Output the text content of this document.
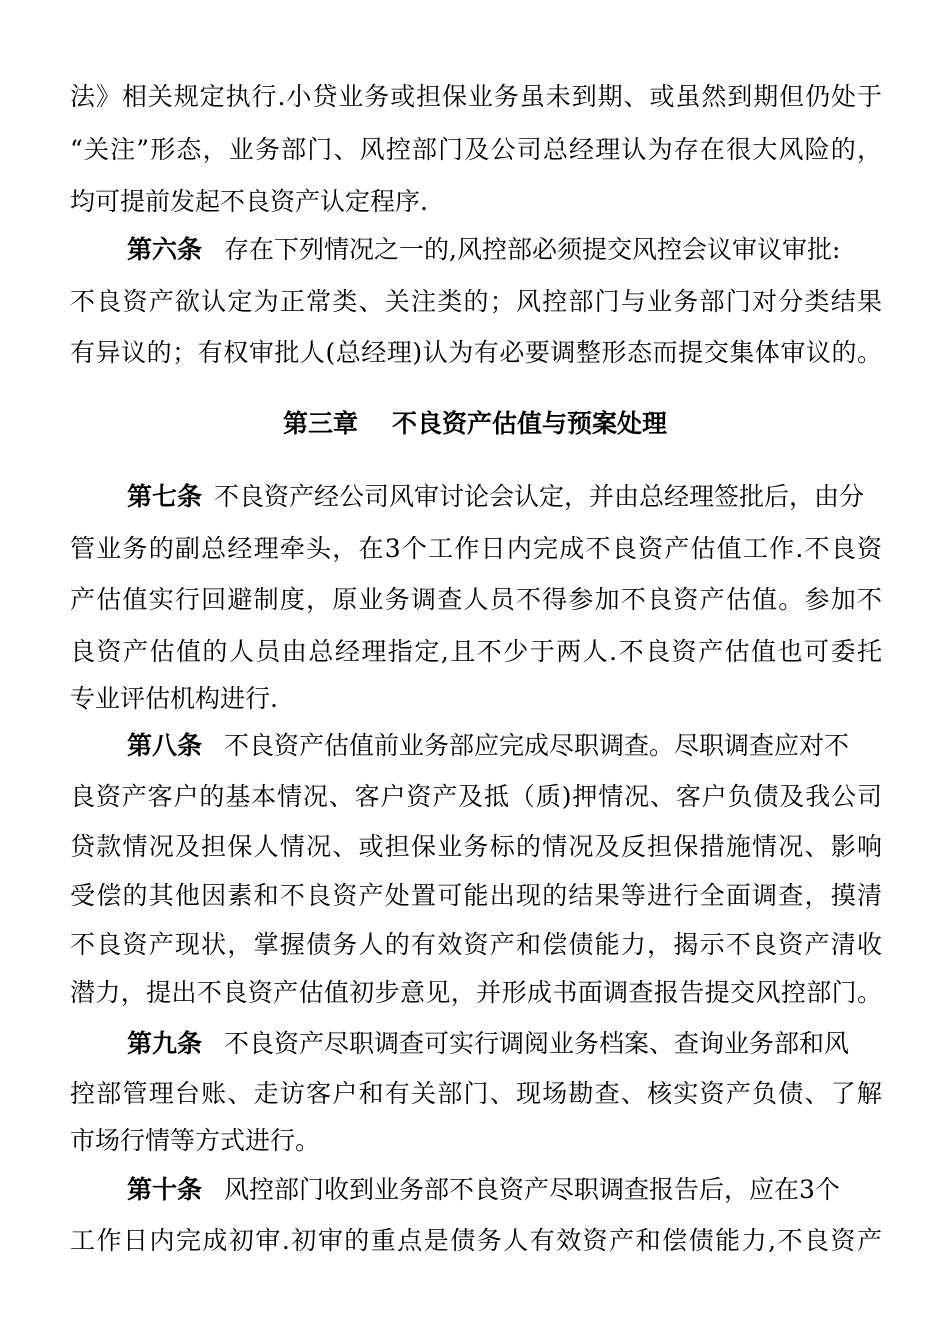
法》相关规定执行.小贷业务或担保业务虽未到期、或虽然到期但仍处于
“关注”形态，业务部门、风控部门及公司总经理认为存在很大风险的，
均可提前发起不良资产认定程序.
第六条 存在下列情况之一的,风控部必须提交风控会议审议审批:
不良资产欲认定为正常类、关注类的；风控部门与业务部门对分类结果
有异议的；有权审批人(总经理)认为有必要调整形态而提交集体审议的。
第三章 不良资产估值与预案处理
第七条 不良资产经公司风审讨论会认定，并由总经理签批后，由分
管业务的副总经理牵头，在3个工作日内完成不良资产估值工作.不良资
产估值实行回避制度，原业务调查人员不得参加不良资产估值。参加不
良资产估值的人员由总经理指定,且不少于两人.不良资产估值也可委托
专业评估机构进行.
第八条 不良资产估值前业务部应完成尽职调查。尽职调查应对不
良资产客户的基本情况、客户资产及抵（质)押情况、客户负债及我公司
贷款情况及担保人情况、或担保业务标的情况及反担保措施情况、影响
受偿的其他因素和不良资产处置可能出现的结果等进行全面调查，摸清
不良资产现状，掌握债务人的有效资产和偿债能力，揭示不良资产清收
潜力，提出不良资产估值初步意见，并形成书面调查报告提交风控部门。
第九条 不良资产尽职调查可实行调阅业务档案、查询业务部和风
控部管理台账、走访客户和有关部门、现场勘查、核实资产负债、了解
市场行情等方式进行。
第十条 风控部门收到业务部不良资产尽职调查报告后，应在3个
工作日内完成初审.初审的重点是债务人有效资产和偿债能力,不良资产
